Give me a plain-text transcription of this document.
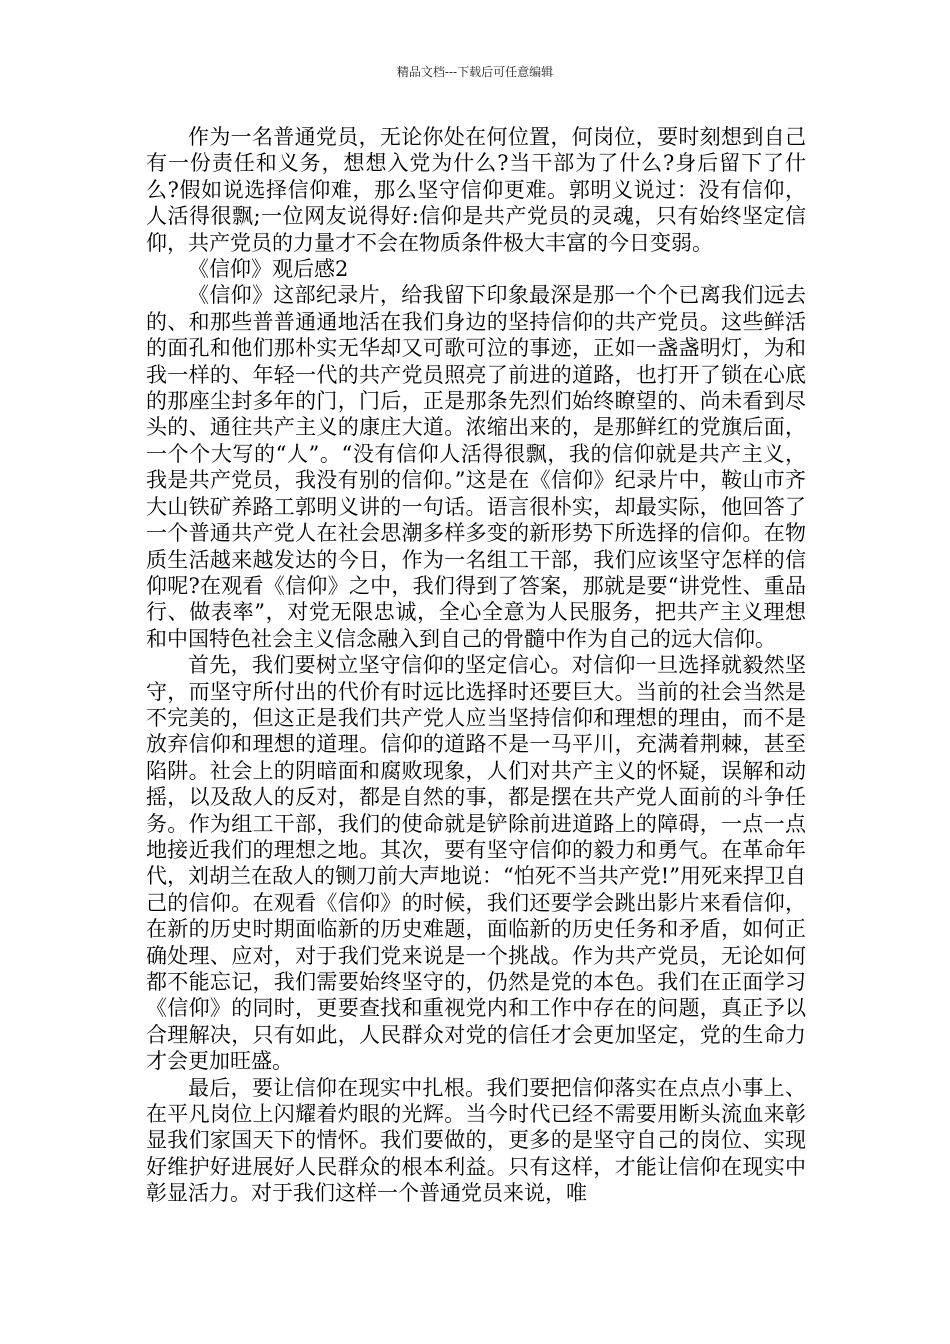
精品文档---下载后可任意编辑

作为一名普通党员，无论你处在何位置，何岗位，要时刻想到自己有一份责任和义务，想想入党为什么?当干部为了什么?身后留下了什么?假如说选择信仰难，那么坚守信仰更难。郭明义说过：没有信仰，人活得很飘;一位网友说得好:信仰是共产党员的灵魂，只有始终坚定信仰，共产党员的力量才不会在物质条件极大丰富的今日变弱。

《信仰》观后感2

《信仰》这部纪录片，给我留下印象最深是那一个个已离我们远去的、和那些普普通通地活在我们身边的坚持信仰的共产党员。这些鲜活的面孔和他们那朴实无华却又可歌可泣的事迹，正如一盏盏明灯，为和我一样的、年轻一代的共产党员照亮了前进的道路，也打开了锁在心底的那座尘封多年的门，门后，正是那条先烈们始终瞭望的、尚未看到尽头的、通往共产主义的康庄大道。浓缩出来的，是那鲜红的党旗后面，一个个大写的“人”。“没有信仰人活得很飘，我的信仰就是共产主义，我是共产党员，我没有别的信仰。”这是在《信仰》纪录片中，鞍山市齐大山铁矿养路工郭明义讲的一句话。语言很朴实，却最实际，他回答了一个普通共产党人在社会思潮多样多变的新形势下所选择的信仰。在物质生活越来越发达的今日，作为一名组工干部，我们应该坚守怎样的信仰呢?在观看《信仰》之中，我们得到了答案，那就是要“讲党性、重品行、做表率”，对党无限忠诚，全心全意为人民服务，把共产主义理想和中国特色社会主义信念融入到自己的骨髓中作为自己的远大信仰。

首先，我们要树立坚守信仰的坚定信心。对信仰一旦选择就毅然坚守，而坚守所付出的代价有时远比选择时还要巨大。当前的社会当然是不完美的，但这正是我们共产党人应当坚持信仰和理想的理由，而不是放弃信仰和理想的道理。信仰的道路不是一马平川，充满着荆棘，甚至陷阱。社会上的阴暗面和腐败现象，人们对共产主义的怀疑，误解和动摇，以及敌人的反对，都是自然的事，都是摆在共产党人面前的斗争任务。作为组工干部，我们的使命就是铲除前进道路上的障碍，一点一点地接近我们的理想之地。其次，要有坚守信仰的毅力和勇气。在革命年代，刘胡兰在敌人的铡刀前大声地说：“怕死不当共产党!”用死来捍卫自己的信仰。在观看《信仰》的时候，我们还要学会跳出影片来看信仰，在新的历史时期面临新的历史难题，面临新的历史任务和矛盾，如何正确处理、应对，对于我们党来说是一个挑战。作为共产党员，无论如何都不能忘记，我们需要始终坚守的，仍然是党的本色。我们在正面学习《信仰》的同时，更要查找和重视党内和工作中存在的问题，真正予以合理解决，只有如此，人民群众对党的信任才会更加坚定，党的生命力才会更加旺盛。

最后，要让信仰在现实中扎根。我们要把信仰落实在点点小事上、在平凡岗位上闪耀着灼眼的光辉。当今时代已经不需要用断头流血来彰显我们家国天下的情怀。我们要做的，更多的是坚守自己的岗位、实现好维护好进展好人民群众的根本利益。只有这样，才能让信仰在现实中彰显活力。对于我们这样一个普通党员来说，唯
